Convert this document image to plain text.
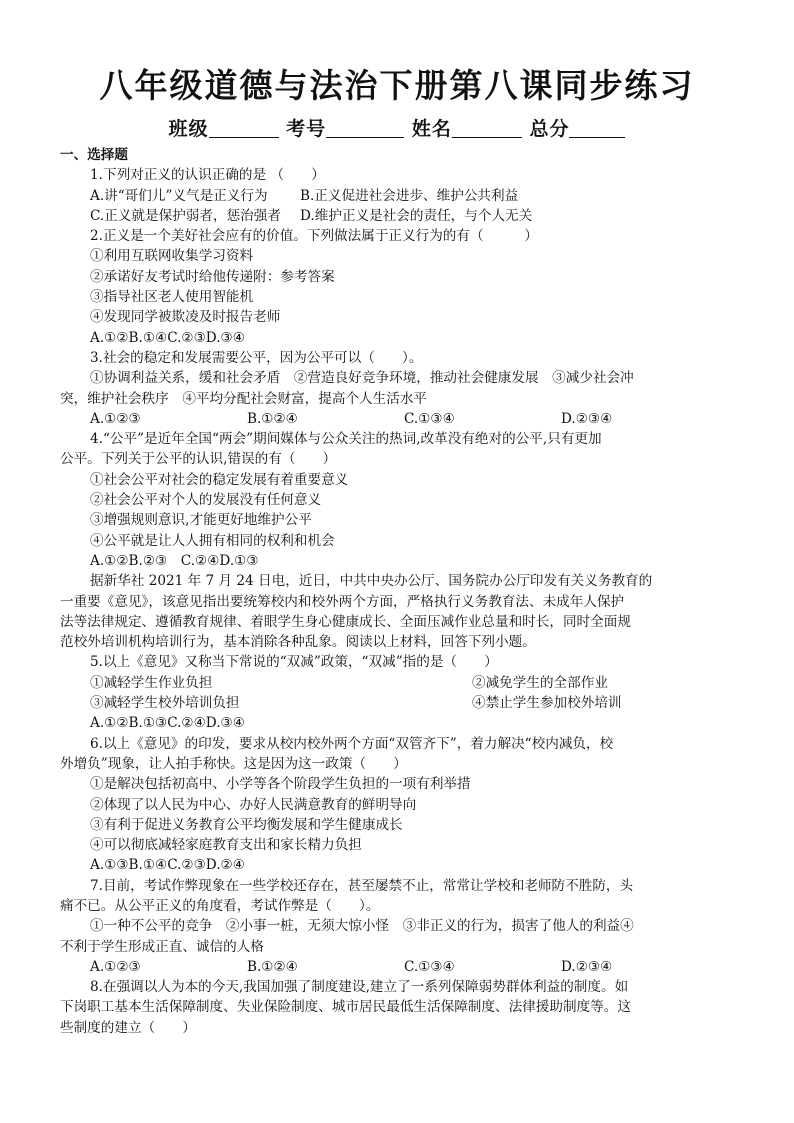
八年级道德与法治下册第八课同步练习
班级	考号	姓名	总分
一、选择题
1.下列对正义的认识正确的是 （　　）
A.讲“哥们儿”义气是正义行为	B.正义促进社会进步、维护公共利益
C.正义就是保护弱者，惩治强者	D.维护正义是社会的责任，与个人无关
2.正义是一个美好社会应有的价值。下列做法属于正义行为的有（　　　）
①利用互联网收集学习资料
②承诺好友考试时给他传递附：参考答案
③指导社区老人使用智能机
④发现同学被欺凌及时报告老师
A.①②B.①④C.②③D.③④
3.社会的稳定和发展需要公平，因为公平可以（　　）。
①协调利益关系，缓和社会矛盾　②营造良好竞争环境，推动社会健康发展　③减少社会冲
突，维护社会秩序　④平均分配社会财富，提高个人生活水平
A.①②③	B.①②④	C.①③④	D.②③④
4.“公平”是近年全国“两会”期间媒体与公众关注的热词,改革没有绝对的公平,只有更加
公平。下列关于公平的认识,错误的有（　　）
①社会公平对社会的稳定发展有着重要意义
②社会公平对个人的发展没有任何意义
③增强规则意识,才能更好地维护公平
④公平就是让人人拥有相同的权利和机会
A.①②B.②③　C.②④D.①③
据新华社 2021 年 7 月 24 日电，近日，中共中央办公厅、国务院办公厅印发有关义务教育的
一重要《意见》，该意见指出要统筹校内和校外两个方面，严格执行义务教育法、未成年人保护
法等法律规定、遵循教育规律、着眼学生身心健康成长、全面压减作业总量和时长，同时全面规
范校外培训机构培训行为，基本消除各种乱象。阅读以上材料，回答下列小题。
5.以上《意见》又称当下常说的“双减”政策，“双减”指的是（　　）
①减轻学生作业负担	②减免学生的全部作业
③减轻学生校外培训负担	④禁止学生参加校外培训
A.①②B.①③C.②④D.③④
6.以上《意见》的印发，要求从校内校外两个方面“双管齐下”，着力解决“校内减负，校
外增负”现象，让人拍手称快。这是因为这一政策（　　）
①是解决包括初高中、小学等各个阶段学生负担的一项有利举措
②体现了以人民为中心、办好人民满意教育的鲜明导向
③有利于促进义务教育公平均衡发展和学生健康成长
④可以彻底减轻家庭教育支出和家长精力负担
A.①③B.①④C.②③D.②④
7.目前，考试作弊现象在一些学校还存在，甚至屡禁不止，常常让学校和老师防不胜防，头
痛不已。从公平正义的角度看，考试作弊是（　　）。
①一种不公平的竞争　②小事一桩，无须大惊小怪　③非正义的行为，损害了他人的利益④
不利于学生形成正直、诚信的人格
A.①②③	B.①②④	C.①③④	D.②③④
8.在强调以人为本的今天,我国加强了制度建设,建立了一系列保障弱势群体利益的制度。如
下岗职工基本生活保障制度、失业保险制度、城市居民最低生活保障制度、法律援助制度等。这
些制度的建立（　　）
